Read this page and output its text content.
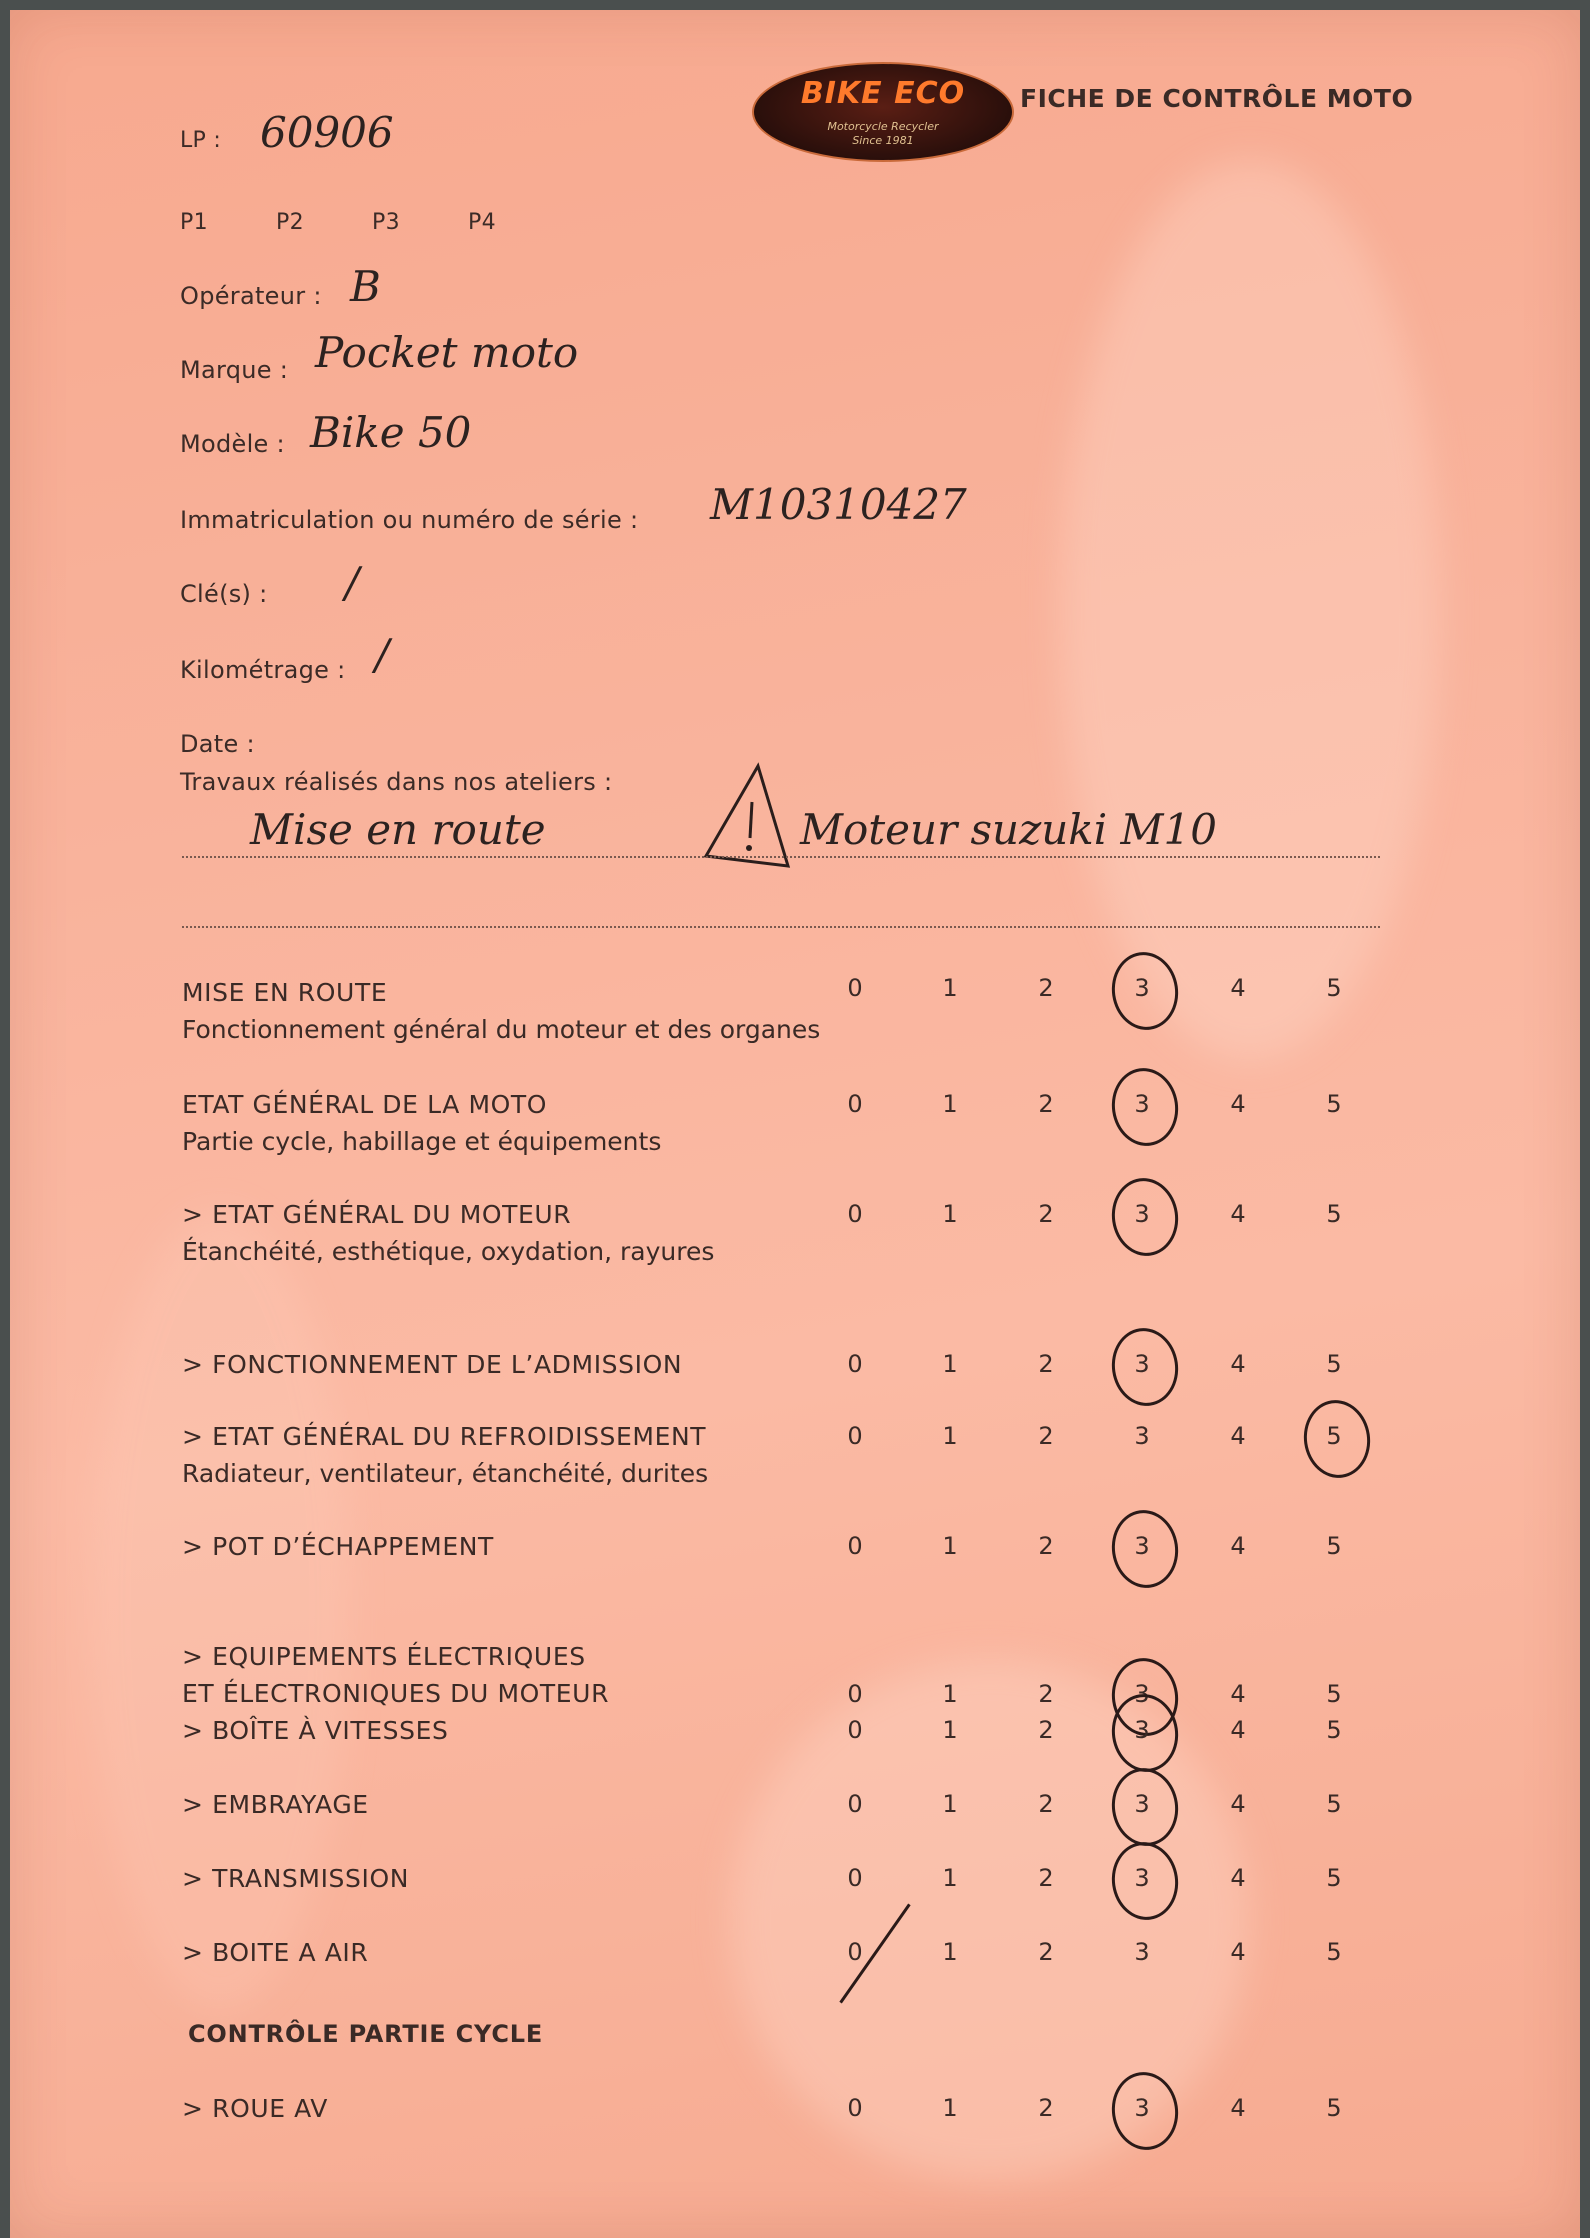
BIKE ECO
Motorcycle Recycler
Since 1981
FICHE DE CONTRÔLE MOTO
LP : 60906
P1	P2	P3	P4
Opérateur : B
Marque : Pocket moto
Modèle : Bike 50
Immatriculation ou numéro de série : M10310427
Clé(s) : /
Kilométrage : /
Date :
Travaux réalisés dans nos ateliers :
Mise en route	Moteur suzuki M10
MISE EN ROUTE
Fonctionnement général du moteur et des organes
0	1	2	3	4	5
ETAT GÉNÉRAL DE LA MOTO
Partie cycle, habillage et équipements
0	1	2	3	4	5
> ETAT GÉNÉRAL DU MOTEUR
Étanchéité, esthétique, oxydation, rayures
0	1	2	3	4	5
> FONCTIONNEMENT DE L’ADMISSION	0	1	2	3	4	5
> ETAT GÉNÉRAL DU REFROIDISSEMENT
Radiateur, ventilateur, étanchéité, durites
0	1	2	3	4	5
> POT D’ÉCHAPPEMENT	0	1	2	3	4	5
> EQUIPEMENTS ÉLECTRIQUES
ET ÉLECTRONIQUES DU MOTEUR	0	1	2	3	4	5
> BOÎTE À VITESSES	0	1	2	3	4	5
> EMBRAYAGE	0	1	2	3	4	5
> TRANSMISSION	0	1	2	3	4	5
> BOITE A AIR	0	1	2	3	4	5
> ROUE AV	0	1	2	3	4	5
CONTRÔLE PARTIE CYCLE
